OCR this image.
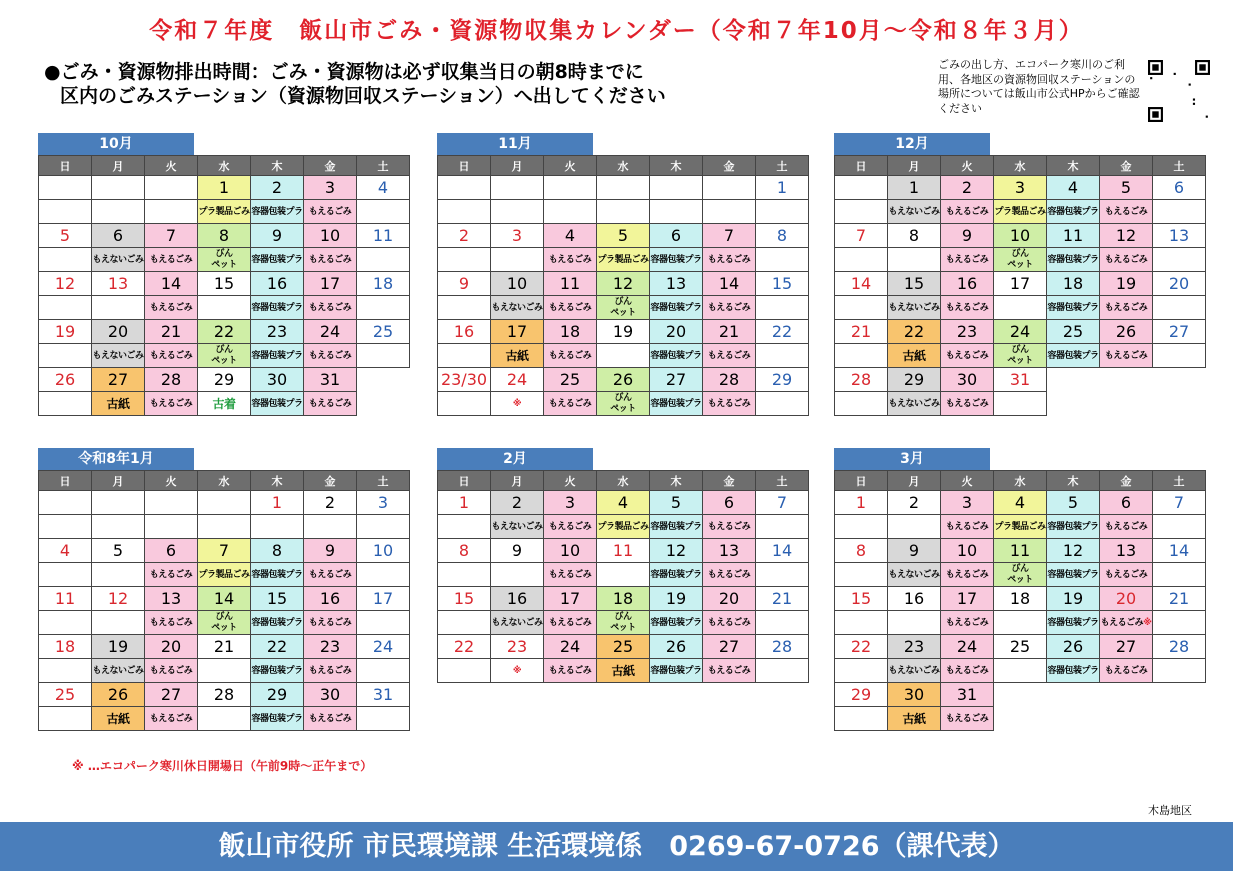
令和７年度　飯山市ごみ・資源物収集カレンダー（令和７年10月～令和８年３月）
●ごみ・資源物排出時間：ごみ・資源物は必ず収集当日の朝8時までに
区内のごみステーション（資源物回収ステーション）へ出してください
ごみの出し方、エコパーク寒川のご利用、各地区の資源物回収ステーションの場所については飯山市公式HPからご確認ください
10月
日	月	火	水	木	金	土
			1	2	3	4
			プラ製品ごみ	容器包装プラ	もえるごみ	
5	6	7	8	9	10	11
	もえないごみ	もえるごみ	びん
ペット	容器包装プラ	もえるごみ	
12	13	14	15	16	17	18
		もえるごみ		容器包装プラ	もえるごみ	
19	20	21	22	23	24	25
	もえないごみ	もえるごみ	びん
ペット	容器包装プラ	もえるごみ	
26	27	28	29	30	31	
	古紙	もえるごみ	古着	容器包装プラ	もえるごみ	
11月
日	月	火	水	木	金	土
						1

2	3	4	5	6	7	8
		もえるごみ	プラ製品ごみ	容器包装プラ	もえるごみ	
9	10	11	12	13	14	15
	もえないごみ	もえるごみ	びん
ペット	容器包装プラ	もえるごみ	
16	17	18	19	20	21	22
	古紙	もえるごみ		容器包装プラ	もえるごみ	
23/30	24	25	26	27	28	29
	※	もえるごみ	びん
ペット	容器包装プラ	もえるごみ	
12月
日	月	火	水	木	金	土
	1	2	3	4	5	6
	もえないごみ	もえるごみ	プラ製品ごみ	容器包装プラ	もえるごみ	
7	8	9	10	11	12	13
		もえるごみ	びん
ペット	容器包装プラ	もえるごみ	
14	15	16	17	18	19	20
	もえないごみ	もえるごみ		容器包装プラ	もえるごみ	
21	22	23	24	25	26	27
	古紙	もえるごみ	びん
ペット	容器包装プラ	もえるごみ	
28	29	30	31			
	もえないごみ	もえるごみ				
令和8年1月
日	月	火	水	木	金	土
				1	2	3

4	5	6	7	8	9	10
		もえるごみ	プラ製品ごみ	容器包装プラ	もえるごみ	
11	12	13	14	15	16	17
		もえるごみ	びん
ペット	容器包装プラ	もえるごみ	
18	19	20	21	22	23	24
	もえないごみ	もえるごみ		容器包装プラ	もえるごみ	
25	26	27	28	29	30	31
	古紙	もえるごみ		容器包装プラ	もえるごみ	
2月
日	月	火	水	木	金	土
1	2	3	4	5	6	7
	もえないごみ	もえるごみ	プラ製品ごみ	容器包装プラ	もえるごみ	
8	9	10	11	12	13	14
		もえるごみ		容器包装プラ	もえるごみ	
15	16	17	18	19	20	21
	もえないごみ	もえるごみ	びん
ペット	容器包装プラ	もえるごみ	
22	23	24	25	26	27	28
	※	もえるごみ	古紙	容器包装プラ	もえるごみ	
3月
日	月	火	水	木	金	土
1	2	3	4	5	6	7
		もえるごみ	プラ製品ごみ	容器包装プラ	もえるごみ	
8	9	10	11	12	13	14
	もえないごみ	もえるごみ	びん
ペット	容器包装プラ	もえるごみ	
15	16	17	18	19	20	21
		もえるごみ		容器包装プラ	もえるごみ※	
22	23	24	25	26	27	28
	もえないごみ	もえるごみ		容器包装プラ	もえるごみ	
29	30	31				
	古紙	もえるごみ				
※ …エコパーク寒川休日開場日（午前9時～正午まで）
木島地区
飯山市役所 市民環境課 生活環境係　0269-67-0726（課代表）
